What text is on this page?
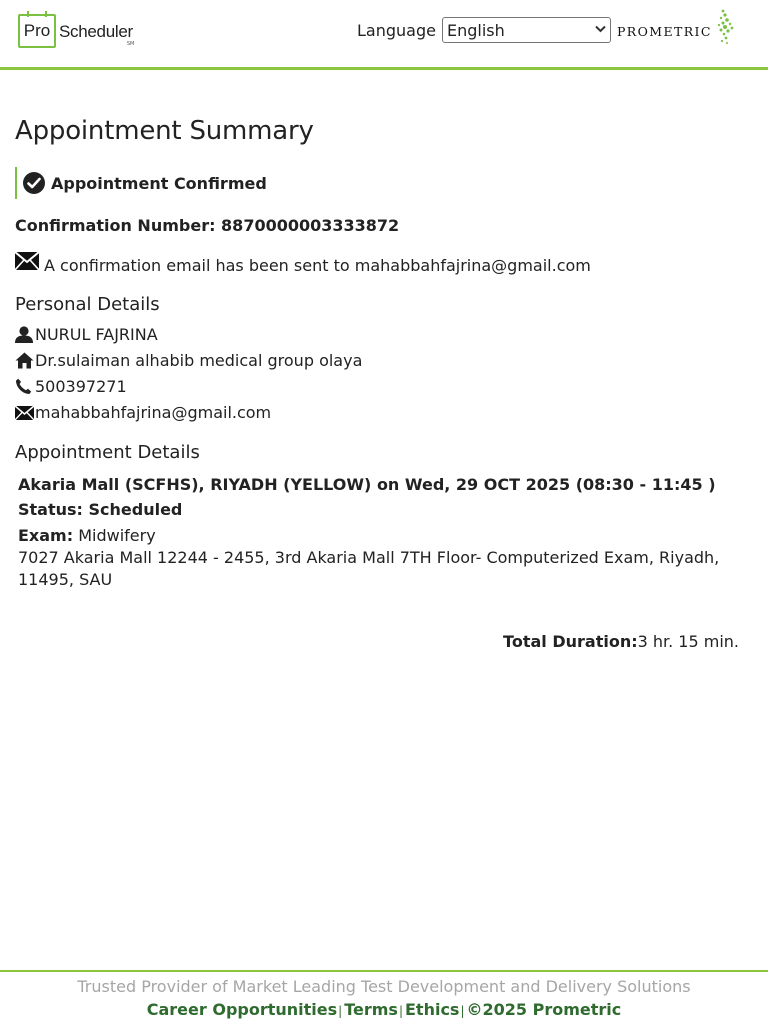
Pro Scheduler
SM
Language English	PROMETRIC
Appointment Summary
Appointment Confirmed
Confirmation Number: 8870000003333872
A confirmation email has been sent to mahabbahfajrina@gmail.com
Personal Details
NURUL FAJRINA
Dr.sulaiman alhabib medical group olaya
500397271
mahabbahfajrina@gmail.com
Appointment Details
Akaria Mall (SCFHS), RIYADH (YELLOW) on Wed, 29 OCT 2025 (08:30 - 11:45 )
Status: Scheduled
Exam: Midwifery
7027 Akaria Mall 12244 - 2455, 3rd Akaria Mall 7TH Floor- Computerized Exam, Riyadh, 11495, SAU
Total Duration:3 hr. 15 min.
Trusted Provider of Market Leading Test Development and Delivery Solutions
Career Opportunities| Terms| Ethics| ©2025 Prometric
